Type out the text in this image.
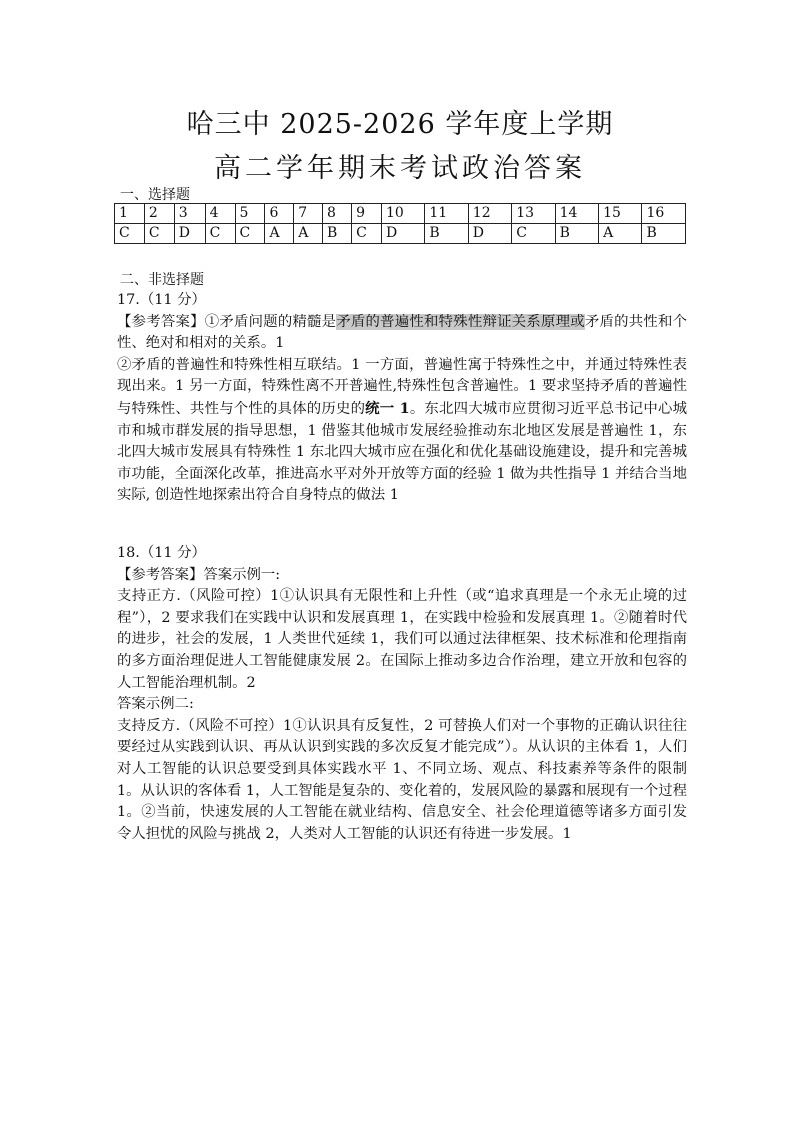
哈三中 2025-2026 学年度上学期
高二学年期末考试政治答案
一、选择题
1	2	3	4	5	6	7	8	9	10	11	12	13	14	15	16
C	C	D	C	C	A	A	B	C	D	B	D	C	B	A	B
二、非选择题

17.（11 分）

【参考答案】①矛盾问题的精髓是矛盾的普遍性和特殊性辩证关系原理或矛盾的共性和个性、绝对和相对的关系。1

②矛盾的普遍性和特殊性相互联结。1 一方面，普遍性寓于特殊性之中，并通过特殊性表现出来。1 另一方面，特殊性离不开普遍性,特殊性包含普遍性。1 要求坚持矛盾的普遍性与特殊性、共性与个性的具体的历史的统一 1。东北四大城市应贯彻习近平总书记中心城市和城市群发展的指导思想，1 借鉴其他城市发展经验推动东北地区发展是普遍性 1，东北四大城市发展具有特殊性 1 东北四大城市应在强化和优化基础设施建设，提升和完善城市功能，全面深化改革，推进高水平对外开放等方面的经验 1 做为共性指导 1 并结合当地实际, 创造性地探索出符合自身特点的做法 1

18.（11 分）

【参考答案】答案示例一:

支持正方.（风险可控）1①认识具有无限性和上升性（或“追求真理是一个永无止境的过程”），2 要求我们在实践中认识和发展真理 1，在实践中检验和发展真理 1。②随着时代的进步，社会的发展，1 人类世代延续 1，我们可以通过法律框架、技术标准和伦理指南的多方面治理促进人工智能健康发展 2。在国际上推动多边合作治理，建立开放和包容的人工智能治理机制。2

答案示例二:

支持反方.（风险不可控）1①认识具有反复性，2 可替换人们对一个事物的正确认识往往要经过从实践到认识、再从认识到实践的多次反复才能完成”）。从认识的主体看 1，人们对人工智能的认识总要受到具体实践水平 1、不同立场、观点、科技素养等条件的限制 1。从认识的客体看 1，人工智能是复杂的、变化着的，发展风险的暴露和展现有一个过程 1。②当前，快速发展的人工智能在就业结构、信息安全、社会伦理道德等诸多方面引发令人担忧的风险与挑战 2，人类对人工智能的认识还有待进一步发展。1
